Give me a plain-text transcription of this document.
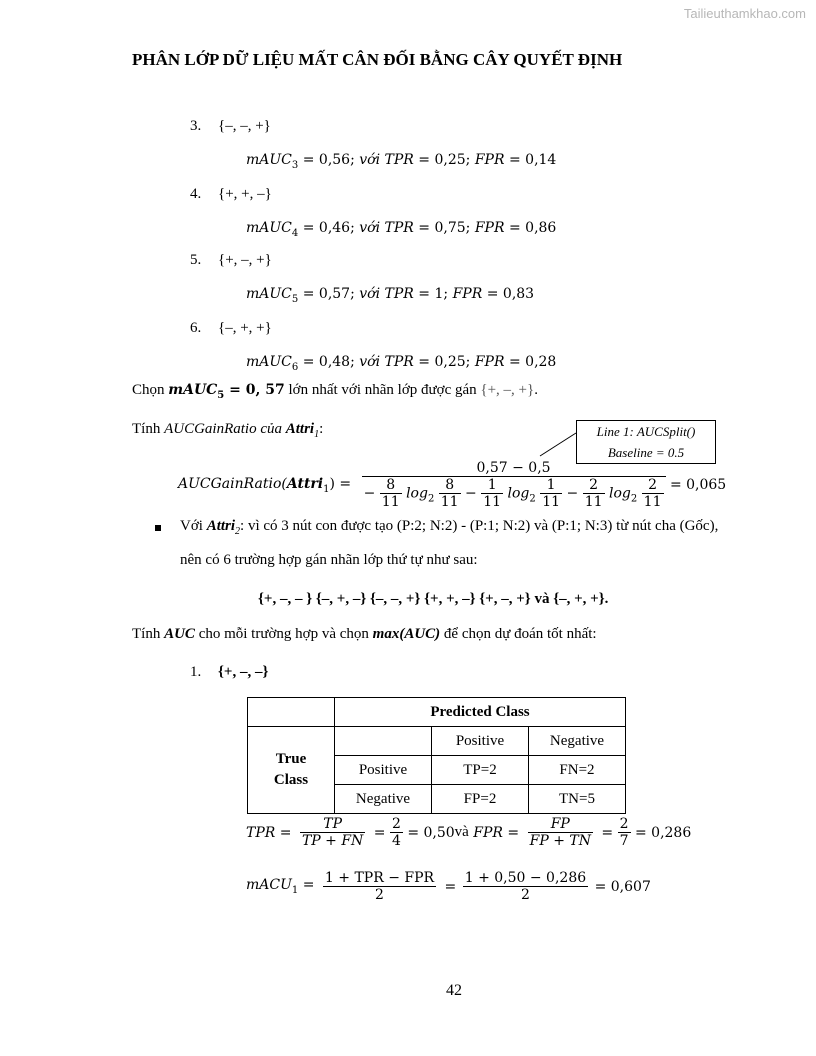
Tailieuthamkhao.com
PHÂN LỚP DỮ LIỆU MẤT CÂN ĐỐI BẰNG CÂY QUYẾT ĐỊNH
3. {–, –, +}
mAUC$_3$ = 0,56; với TPR = 0,25; FPR = 0,14
4. {+, +, –}
mAUC$_4$ = 0,46; với TPR = 0,75; FPR = 0,86
5. {+, –, +}
mAUC$_5$ = 0,57; với TPR = 1; FPR = 0,83
6. {–, +, +}
mAUC$_6$ = 0,48; với TPR = 0,25; FPR = 0,28
Chọn mAUC$_5$ = 0, 57 lớn nhất với nhãn lớp được gán {+, –, +}.
Tính AUCGainRatio của Attri$_1$:	Line 1: AUCSplit()
Baseline = 0.5
AUCGainRatio(Attri$_1$) =
0,57 − 0,5
− $\frac{8}{11} \log_2 \frac{8}{11} - \frac{1}{11} \log_2 \frac{1}{11} - \frac{2}{11} \log_2 \frac{2}{11} = 0,065$
Với Attri$_2$: vì có 3 nút con được tạo (P:2; N:2) - (P:1; N:2) và (P:1; N:3) từ nút cha (Gốc),
nên có 6 trường hợp gán nhãn lớp thứ tự như sau:
{+, –, – } {–, +, –} {–, –, +} {+, +, –} {+, –, +} và {–, +, +}.
Tính AUC cho mỗi trường hợp và chọn max(AUC) để chọn dự đoán tốt nhất:
1. {+, –, –}
	Predicted Class		

True
Class		Positive	Negative
	Positive	TP=2	FN=2
	Negative	FP=2	TN=5
TPR = $\frac{TP}{TP + FN} = \frac{2}{4}$ = 0,50và FPR = $\frac{FP}{FP + TN} = \frac{2}{7} = 0,286$
mACU$_1$ = $\frac{\text{1 + TPR − FPR}}{2} = \frac{1 + 0,50 - 0,286}{2} = 0,607$
42
